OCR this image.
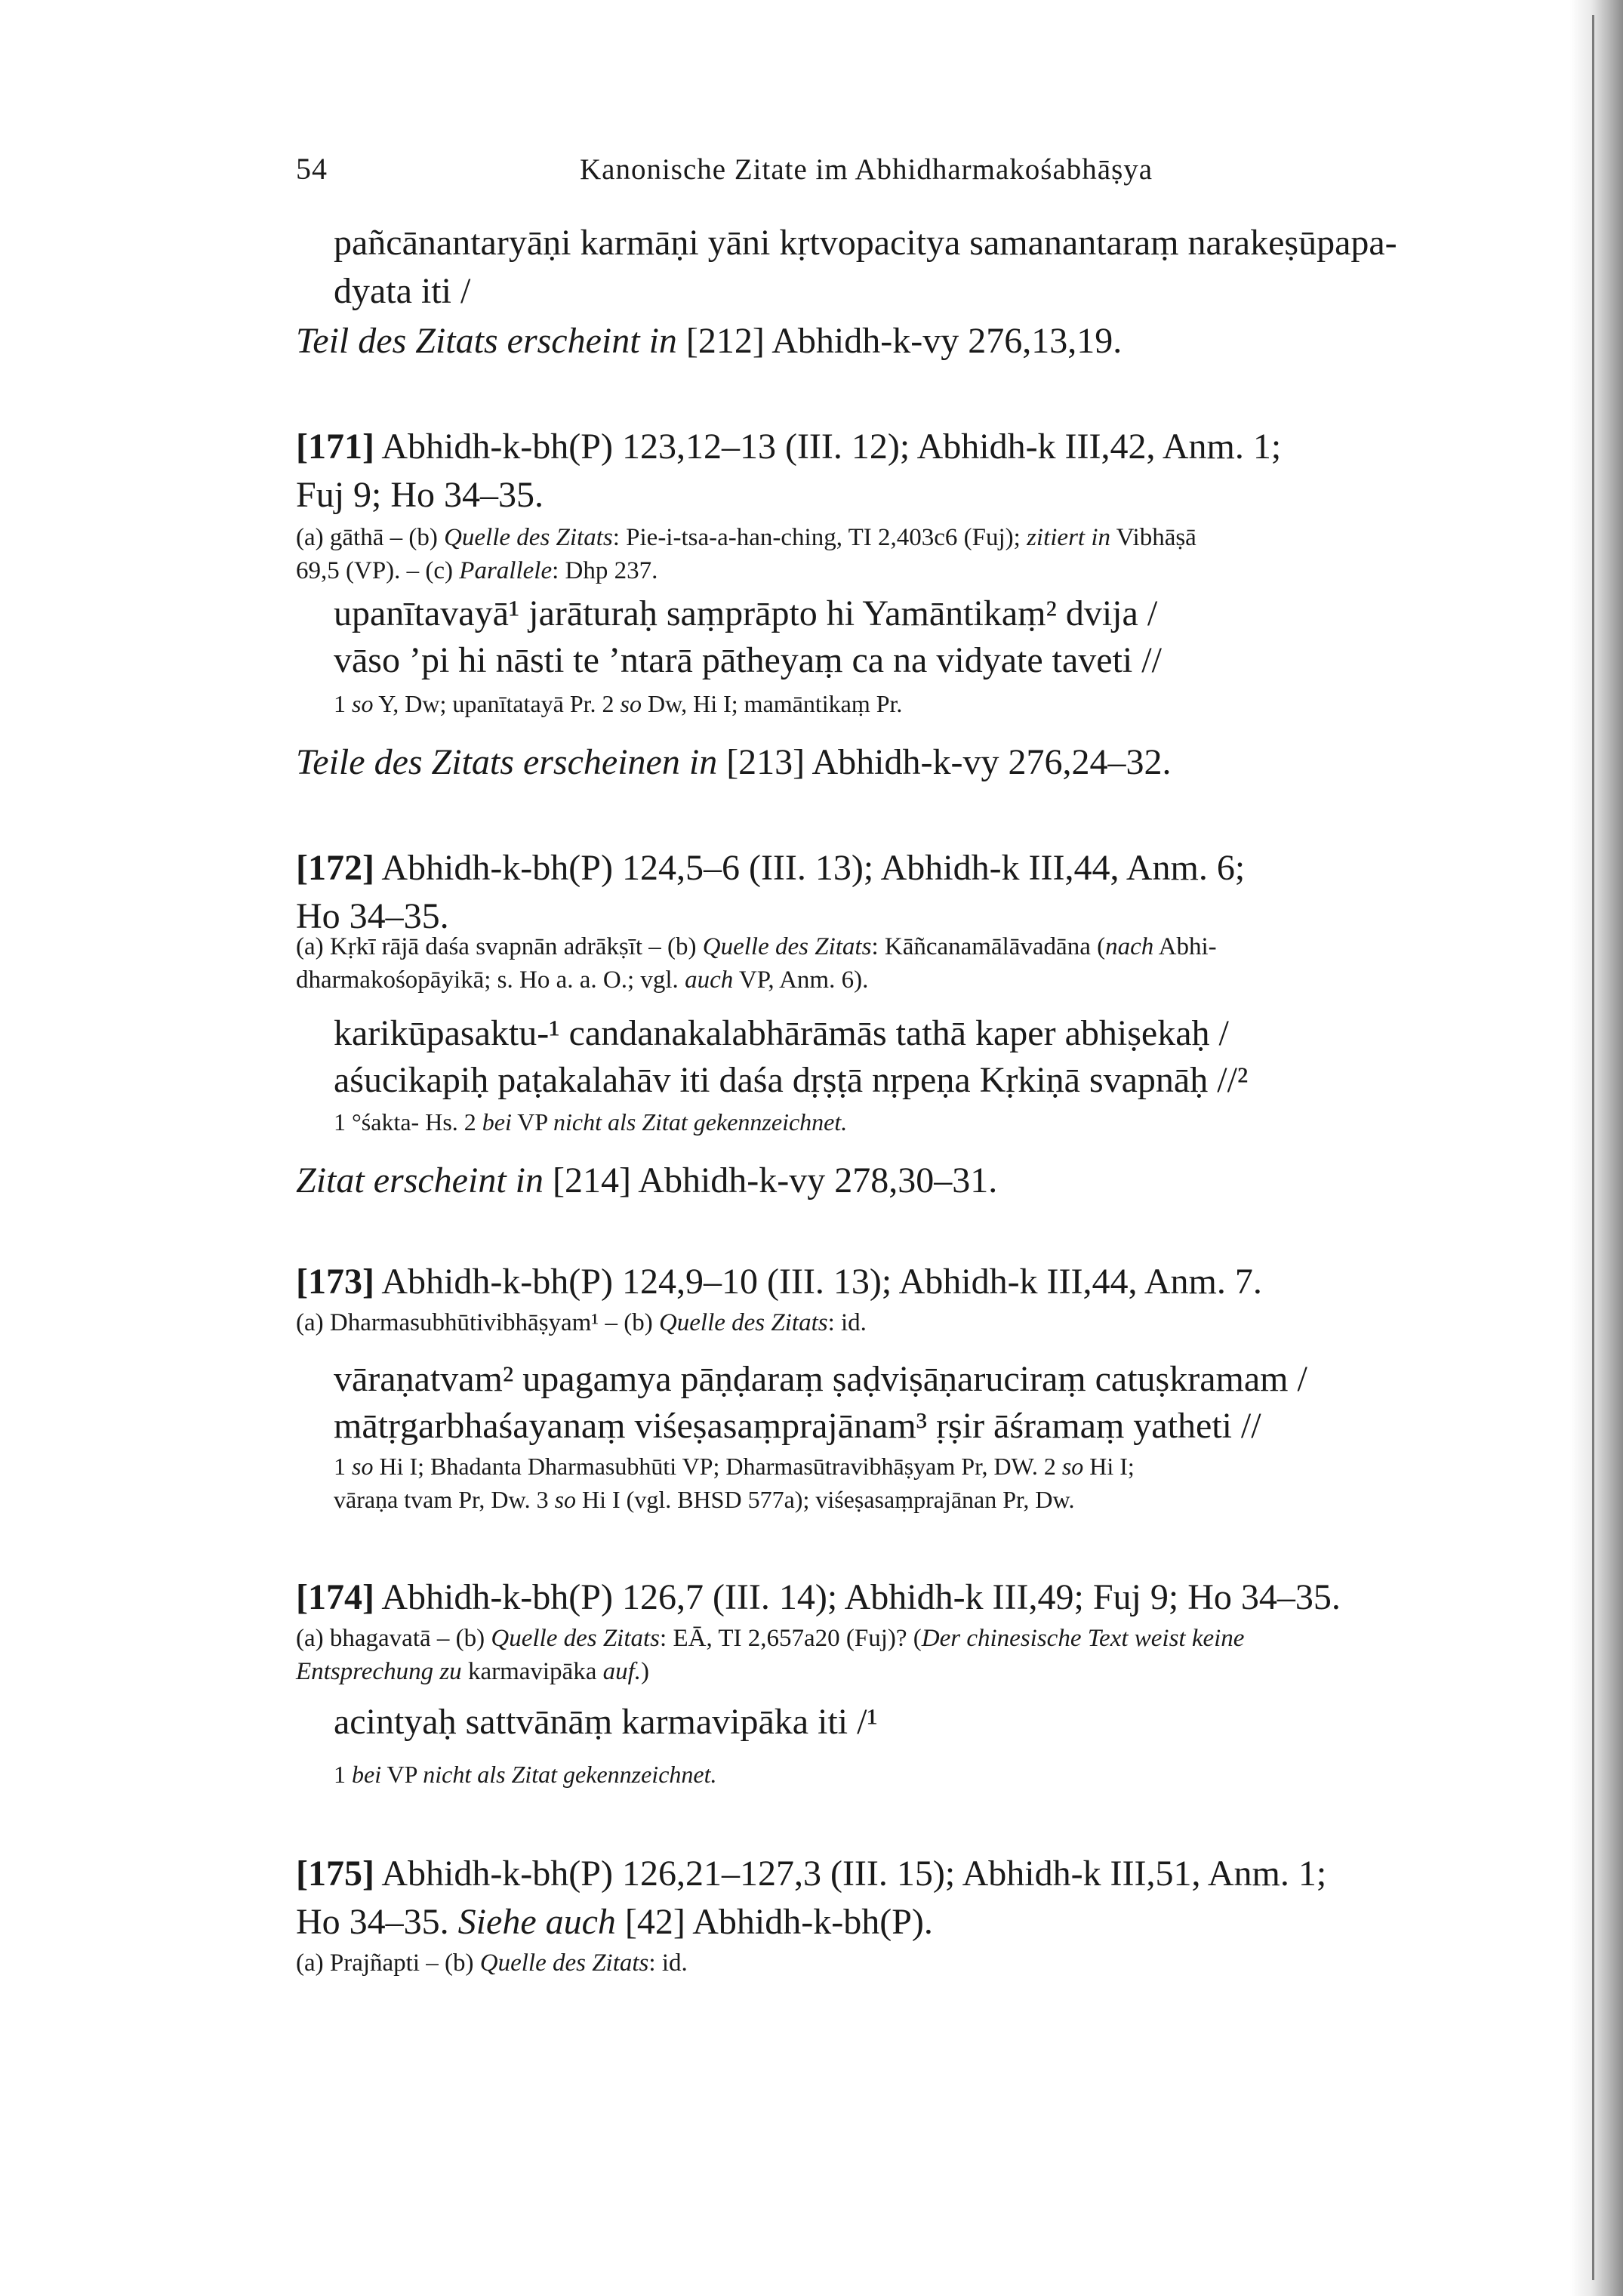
54	Kanonische Zitate im Abhidharmakośabhāṣya
pañcānantaryāṇi karmāṇi yāni kṛtvopacitya samanantaraṃ narakeṣūpapa-
dyata iti /
Teil des Zitats erscheint in [212] Abhidh-k-vy 276,13,19.
[171] Abhidh-k-bh(P) 123,12–13 (III. 12); Abhidh-k III,42, Anm. 1;
Fuj 9; Ho 34–35.
(a) gāthā – (b) Quelle des Zitats: Pie-i-tsa-a-han-ching, TI 2,403c6 (Fuj); zitiert in Vibhāṣā
69,5 (VP). – (c) Parallele: Dhp 237.
upanītavayā¹ jarāturaḥ saṃprāpto hi Yamāntikaṃ² dvija /
vāso ’pi hi nāsti te ’ntarā pātheyaṃ ca na vidyate taveti //
1 so Y, Dw; upanītatayā Pr. 2 so Dw, Hi I; mamāntikaṃ Pr.
Teile des Zitats erscheinen in [213] Abhidh-k-vy 276,24–32.
[172] Abhidh-k-bh(P) 124,5–6 (III. 13); Abhidh-k III,44, Anm. 6;
Ho 34–35.
(a) Kṛkī rājā daśa svapnān adrākṣīt – (b) Quelle des Zitats: Kāñcanamālāvadāna (nach Abhi-
dharmakośopāyikā; s. Ho a. a. O.; vgl. auch VP, Anm. 6).
karikūpasaktu-¹ candanakalabhārāmās tathā kaper abhiṣekaḥ /
aśucikapiḥ paṭakalahāv iti daśa dṛṣṭā nṛpeṇa Kṛkiṇā svapnāḥ //²
1 °śakta- Hs. 2 bei VP nicht als Zitat gekennzeichnet.
Zitat erscheint in [214] Abhidh-k-vy 278,30–31.
[173] Abhidh-k-bh(P) 124,9–10 (III. 13); Abhidh-k III,44, Anm. 7.
(a) Dharmasubhūtivibhāṣyam¹ – (b) Quelle des Zitats: id.
vāraṇatvam² upagamya pāṇḍaraṃ ṣaḍviṣāṇaruciraṃ catuṣkramam /
mātṛgarbhaśayanaṃ viśeṣasaṃprajānam³ ṛṣir āśramaṃ yatheti //
1 so Hi I; Bhadanta Dharmasubhūti VP; Dharmasūtravibhāṣyam Pr, DW. 2 so Hi I;
vāraṇa tvam Pr, Dw. 3 so Hi I (vgl. BHSD 577a); viśeṣasaṃprajānan Pr, Dw.
[174] Abhidh-k-bh(P) 126,7 (III. 14); Abhidh-k III,49; Fuj 9; Ho 34–35.
(a) bhagavatā – (b) Quelle des Zitats: EĀ, TI 2,657a20 (Fuj)? (Der chinesische Text weist keine
Entsprechung zu karmavipāka auf.)
acintyaḥ sattvānāṃ karmavipāka iti /¹
1 bei VP nicht als Zitat gekennzeichnet.
[175] Abhidh-k-bh(P) 126,21–127,3 (III. 15); Abhidh-k III,51, Anm. 1;
Ho 34–35. Siehe auch [42] Abhidh-k-bh(P).
(a) Prajñapti – (b) Quelle des Zitats: id.
